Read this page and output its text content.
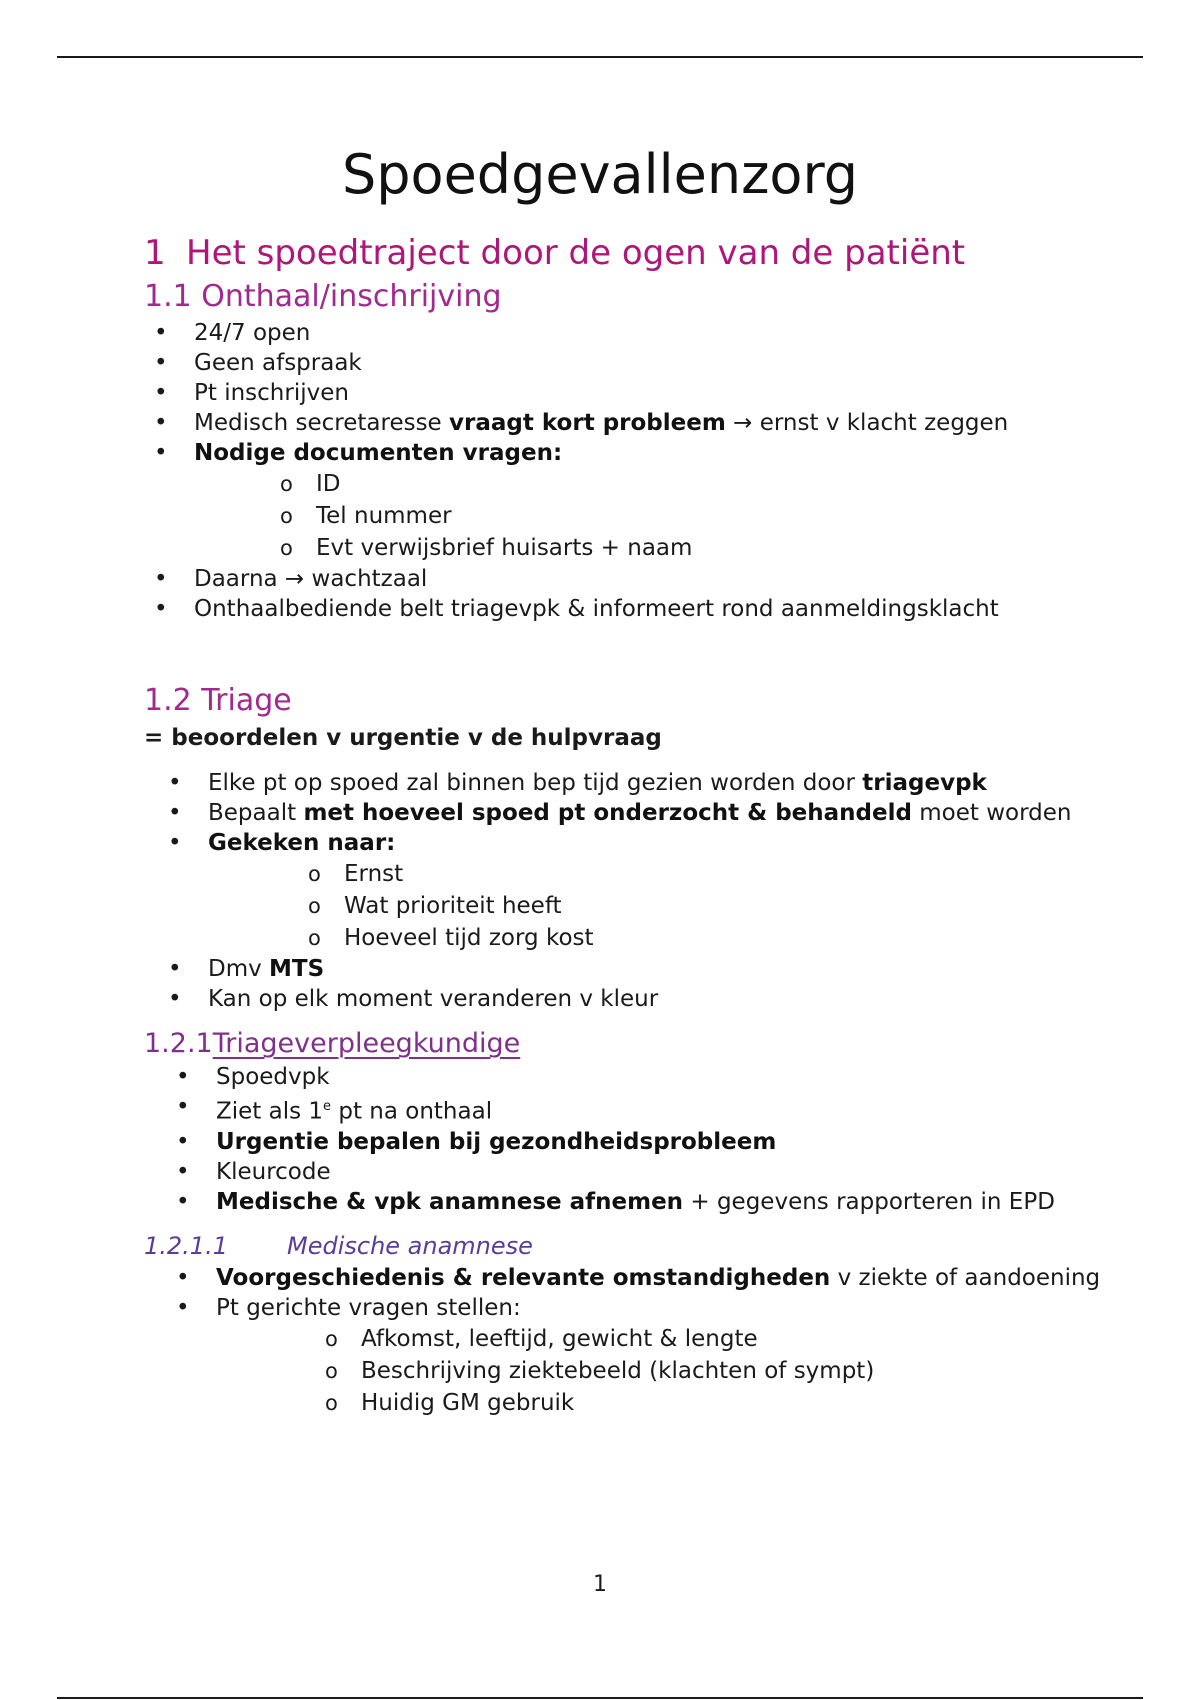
Spoedgevallenzorg
1 Het spoedtraject door de ogen van de patiënt
1.1 Onthaal/inschrijving
• 24/7 open
• Geen afspraak
• Pt inschrijven
• Medisch secretaresse vraagt kort probleem → ernst v klacht zeggen
• Nodige documenten vragen:
o ID
o Tel nummer
o Evt verwijsbrief huisarts + naam
• Daarna → wachtzaal
• Onthaalbediende belt triagevpk & informeert rond aanmeldingsklacht
1.2 Triage

= beoordelen v urgentie v de hulpvraag

• Elke pt op spoed zal binnen bep tijd gezien worden door triagevpk
• Bepaalt met hoeveel spoed pt onderzocht & behandeld moet worden
• Gekeken naar:
o Ernst
o Wat prioriteit heeft
o Hoeveel tijd zorg kost
• Dmv MTS
• Kan op elk moment veranderen v kleur
1.2.1Triageverpleegkundige
• Spoedvpk
• Ziet als 1e pt na onthaal
• Urgentie bepalen bij gezondheidsprobleem
• Kleurcode
• Medische & vpk anamnese afnemen + gegevens rapporteren in EPD
1.2.1.1 Medische anamnese
• Voorgeschiedenis & relevante omstandigheden v ziekte of aandoening
• Pt gerichte vragen stellen:
o Afkomst, leeftijd, gewicht & lengte
o Beschrijving ziektebeeld (klachten of sympt)
o Huidig GM gebruik
1
